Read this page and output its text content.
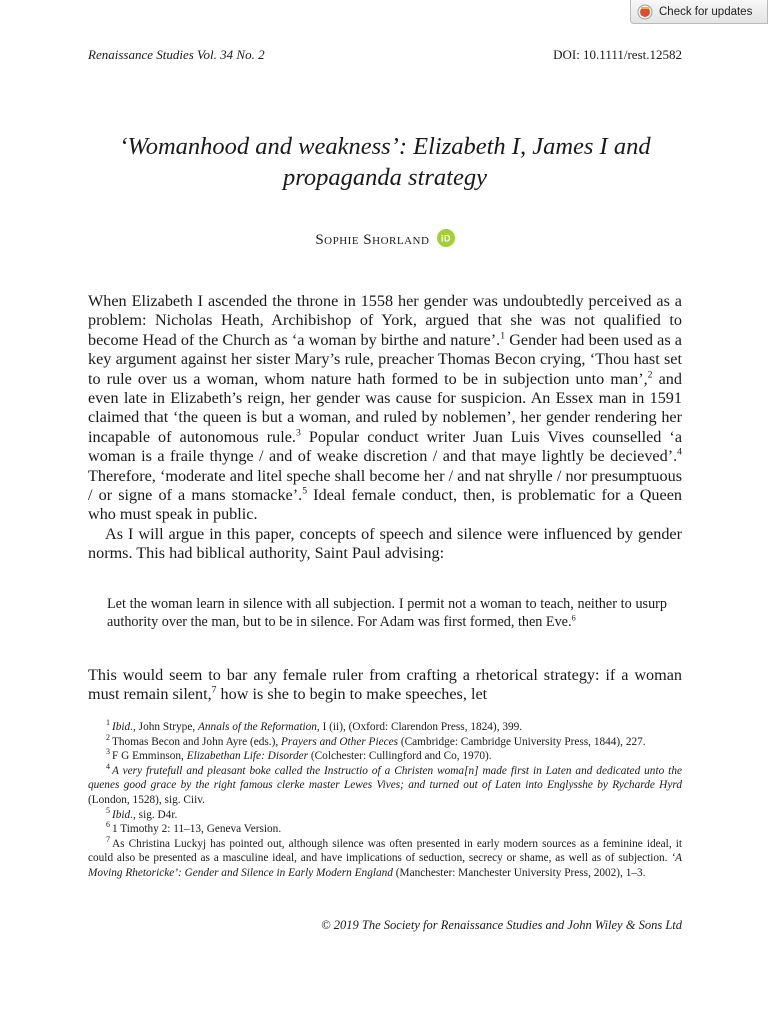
Check for updates
Renaissance Studies Vol. 34 No. 2	DOI: 10.1111/rest.12582
‘Womanhood and weakness’: Elizabeth I, James I and
propaganda strategy
Sophie Shorland iD

When Elizabeth I ascended the throne in 1558 her gender was undoubtedly perceived as a problem: Nicholas Heath, Archibishop of York, argued that she was not qualified to become Head of the Church as ‘a woman by birthe and nature’.$^1$ Gender had been used as a key argument against her sister Mary’s rule, preacher Thomas Becon crying, ‘Thou hast set to rule over us a woman, whom nature hath formed to be in subjection unto man’,$^2$ and even late in Elizabeth’s reign, her gender was cause for suspicion. An Essex man in 1591 claimed that ‘the queen is but a woman, and ruled by noblemen’, her gender rendering her incapable of autonomous rule.$^3$ Popular conduct writer Juan Luis Vives counselled ‘a woman is a fraile thynge / and of weake discretion / and that maye lightly be decieved’.$^4$ Therefore, ‘moderate and litel speche shall become her / and nat shrylle / nor presumptuous / or signe of a mans stomacke’.$^5$ Ideal female conduct, then, is problematic for a Queen who must speak in public.

As I will argue in this paper, concepts of speech and silence were influenced by gender norms. This had biblical authority, Saint Paul advising:

Let the woman learn in silence with all subjection. I permit not a woman to teach, neither to usurp authority over the man, but to be in silence. For Adam was first formed, then Eve.$^6$

This would seem to bar any female ruler from crafting a rhetorical strategy: if a woman must remain silent,$^7$ how is she to begin to make speeches, let

$^1$ Ibid., John Strype, Annals of the Reformation, I (ii), (Oxford: Clarendon Press, 1824), 399.

$^2$ Thomas Becon and John Ayre (eds.), Prayers and Other Pieces (Cambridge: Cambridge University Press, 1844), 227.

$^3$ F G Emminson, Elizabethan Life: Disorder (Colchester: Cullingford and Co, 1970).

$^4$ A very frutefull and pleasant boke called the Instructio of a Christen woma[n] made first in Laten and dedicated unto the quenes good grace by the right famous clerke master Lewes Vives; and turned out of Laten into Englysshe by Rycharde Hyrd (London, 1528), sig. Ciiv.

$^5$ Ibid., sig. D4r.

$^6$ 1 Timothy 2: 11–13, Geneva Version.

$^7$ As Christina Luckyj has pointed out, although silence was often presented in early modern sources as a feminine ideal, it could also be presented as a masculine ideal, and have implications of seduction, secrecy or shame, as well as of subjection. ‘A Moving Rhetoricke’: Gender and Silence in Early Modern England (Manchester: Manchester University Press, 2002), 1–3.

© 2019 The Society for Renaissance Studies and John Wiley & Sons Ltd
